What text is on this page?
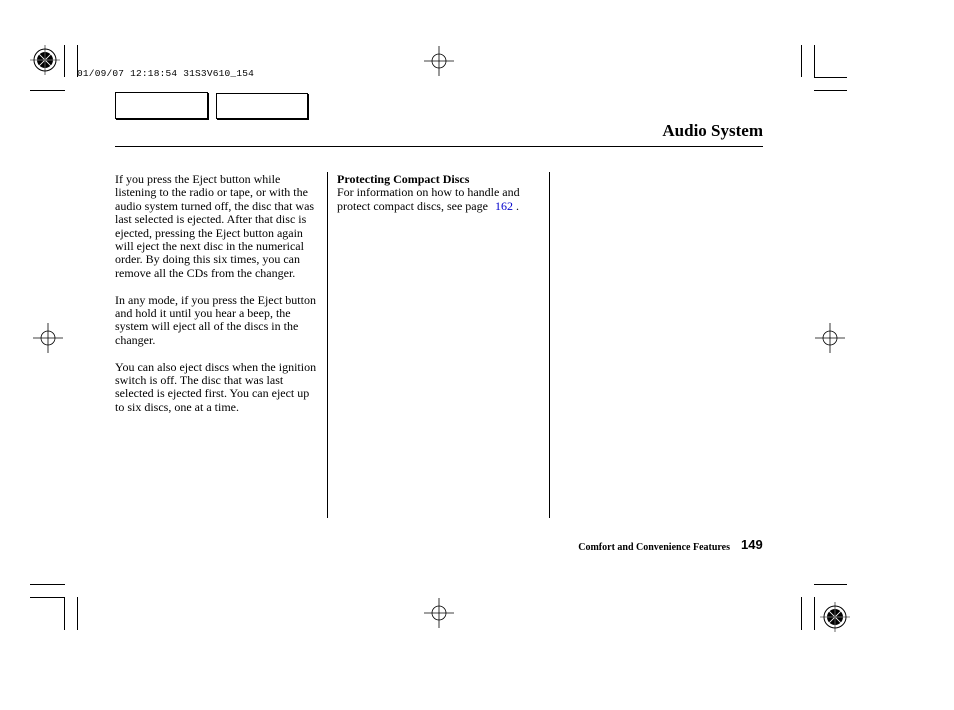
01/09/07 12:18:54 31S3V610_154
Audio System

If you press the Eject button while listening to the radio or tape, or with the audio system turned off, the disc that was last selected is ejected. After that disc is ejected, pressing the Eject button again will eject the next disc in the numerical order. By doing this six times, you can remove all the CDs from the changer.

In any mode, if you press the Eject button and hold it until you hear a beep, the system will eject all of the discs in the changer.

You can also eject discs when the ignition switch is off. The disc that was last selected is ejected first. You can eject up to six discs, one at a time.

Protecting Compact Discs
For information on how to handle and protect compact discs, see page 162 .
Comfort and Convenience Features 149
